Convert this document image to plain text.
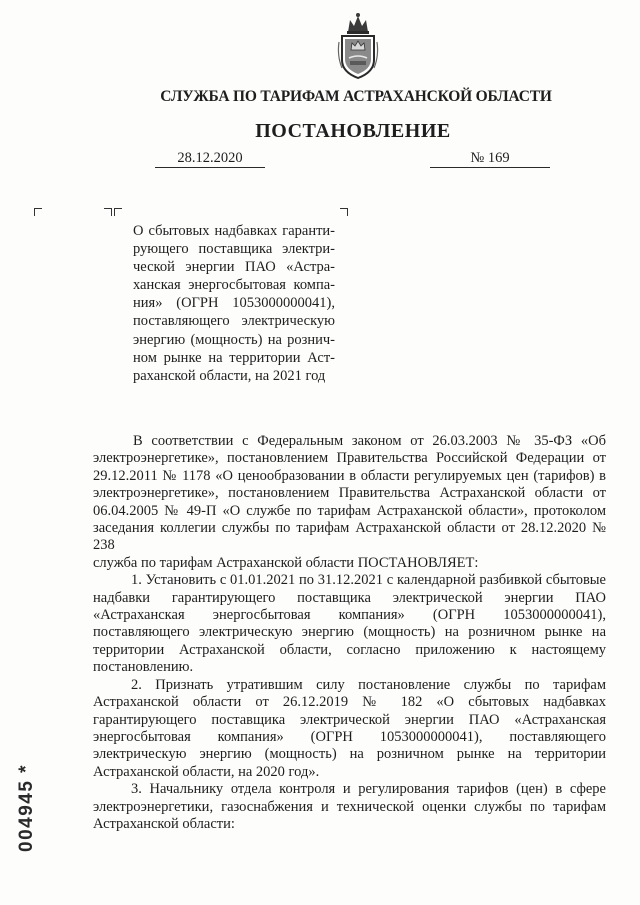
СЛУЖБА ПО ТАРИФАМ АСТРАХАНСКОЙ ОБЛАСТИ
ПОСТАНОВЛЕНИЕ
28.12.2020	№ 169
О сбытовых надбавках гаранти-
рующего поставщика электри-
ческой энергии ПАО «Астра-
ханская энергосбытовая компа-
ния» (ОГРН 1053000000041),
поставляющего электрическую
энергию (мощность) на рознич-
ном рынке на территории Аст-
раханской области, на 2021 год

В соответствии с Федеральным законом от 26.03.2003 № 35-ФЗ «Об электроэнергетике», постановлением Правительства Российской Федерации от 29.12.2011 № 1178 «О ценообразовании в области регулируемых цен (тарифов) в электроэнергетике», постановлением Правительства Астраханской области от 06.04.2005 № 49-П «О службе по тарифам Астраханской области», протоколом заседания коллегии службы по тарифам Астраханской области от 28.12.2020 № 238

служба по тарифам Астраханской области ПОСТАНОВЛЯЕТ:

1. Установить с 01.01.2021 по 31.12.2021 с календарной разбивкой сбытовые надбавки гарантирующего поставщика электрической энергии ПАО «Астраханская энергосбытовая компания» (ОГРН 1053000000041), поставляющего электрическую энергию (мощность) на розничном рынке на территории Астраханской области, согласно приложению к настоящему постановлению.

2. Признать утратившим силу постановление службы по тарифам Астраханской области от 26.12.2019 № 182 «О сбытовых надбавках гарантирующего поставщика электрической энергии ПАО «Астраханская энергосбытовая компания» (ОГРН 1053000000041), поставляющего электрическую энергию (мощность) на розничном рынке на территории Астраханской области, на 2020 год».

3. Начальнику отдела контроля и регулирования тарифов (цен) в сфере электроэнергетики, газоснабжения и технической оценки службы по тарифам Астраханской области:

004945 *
